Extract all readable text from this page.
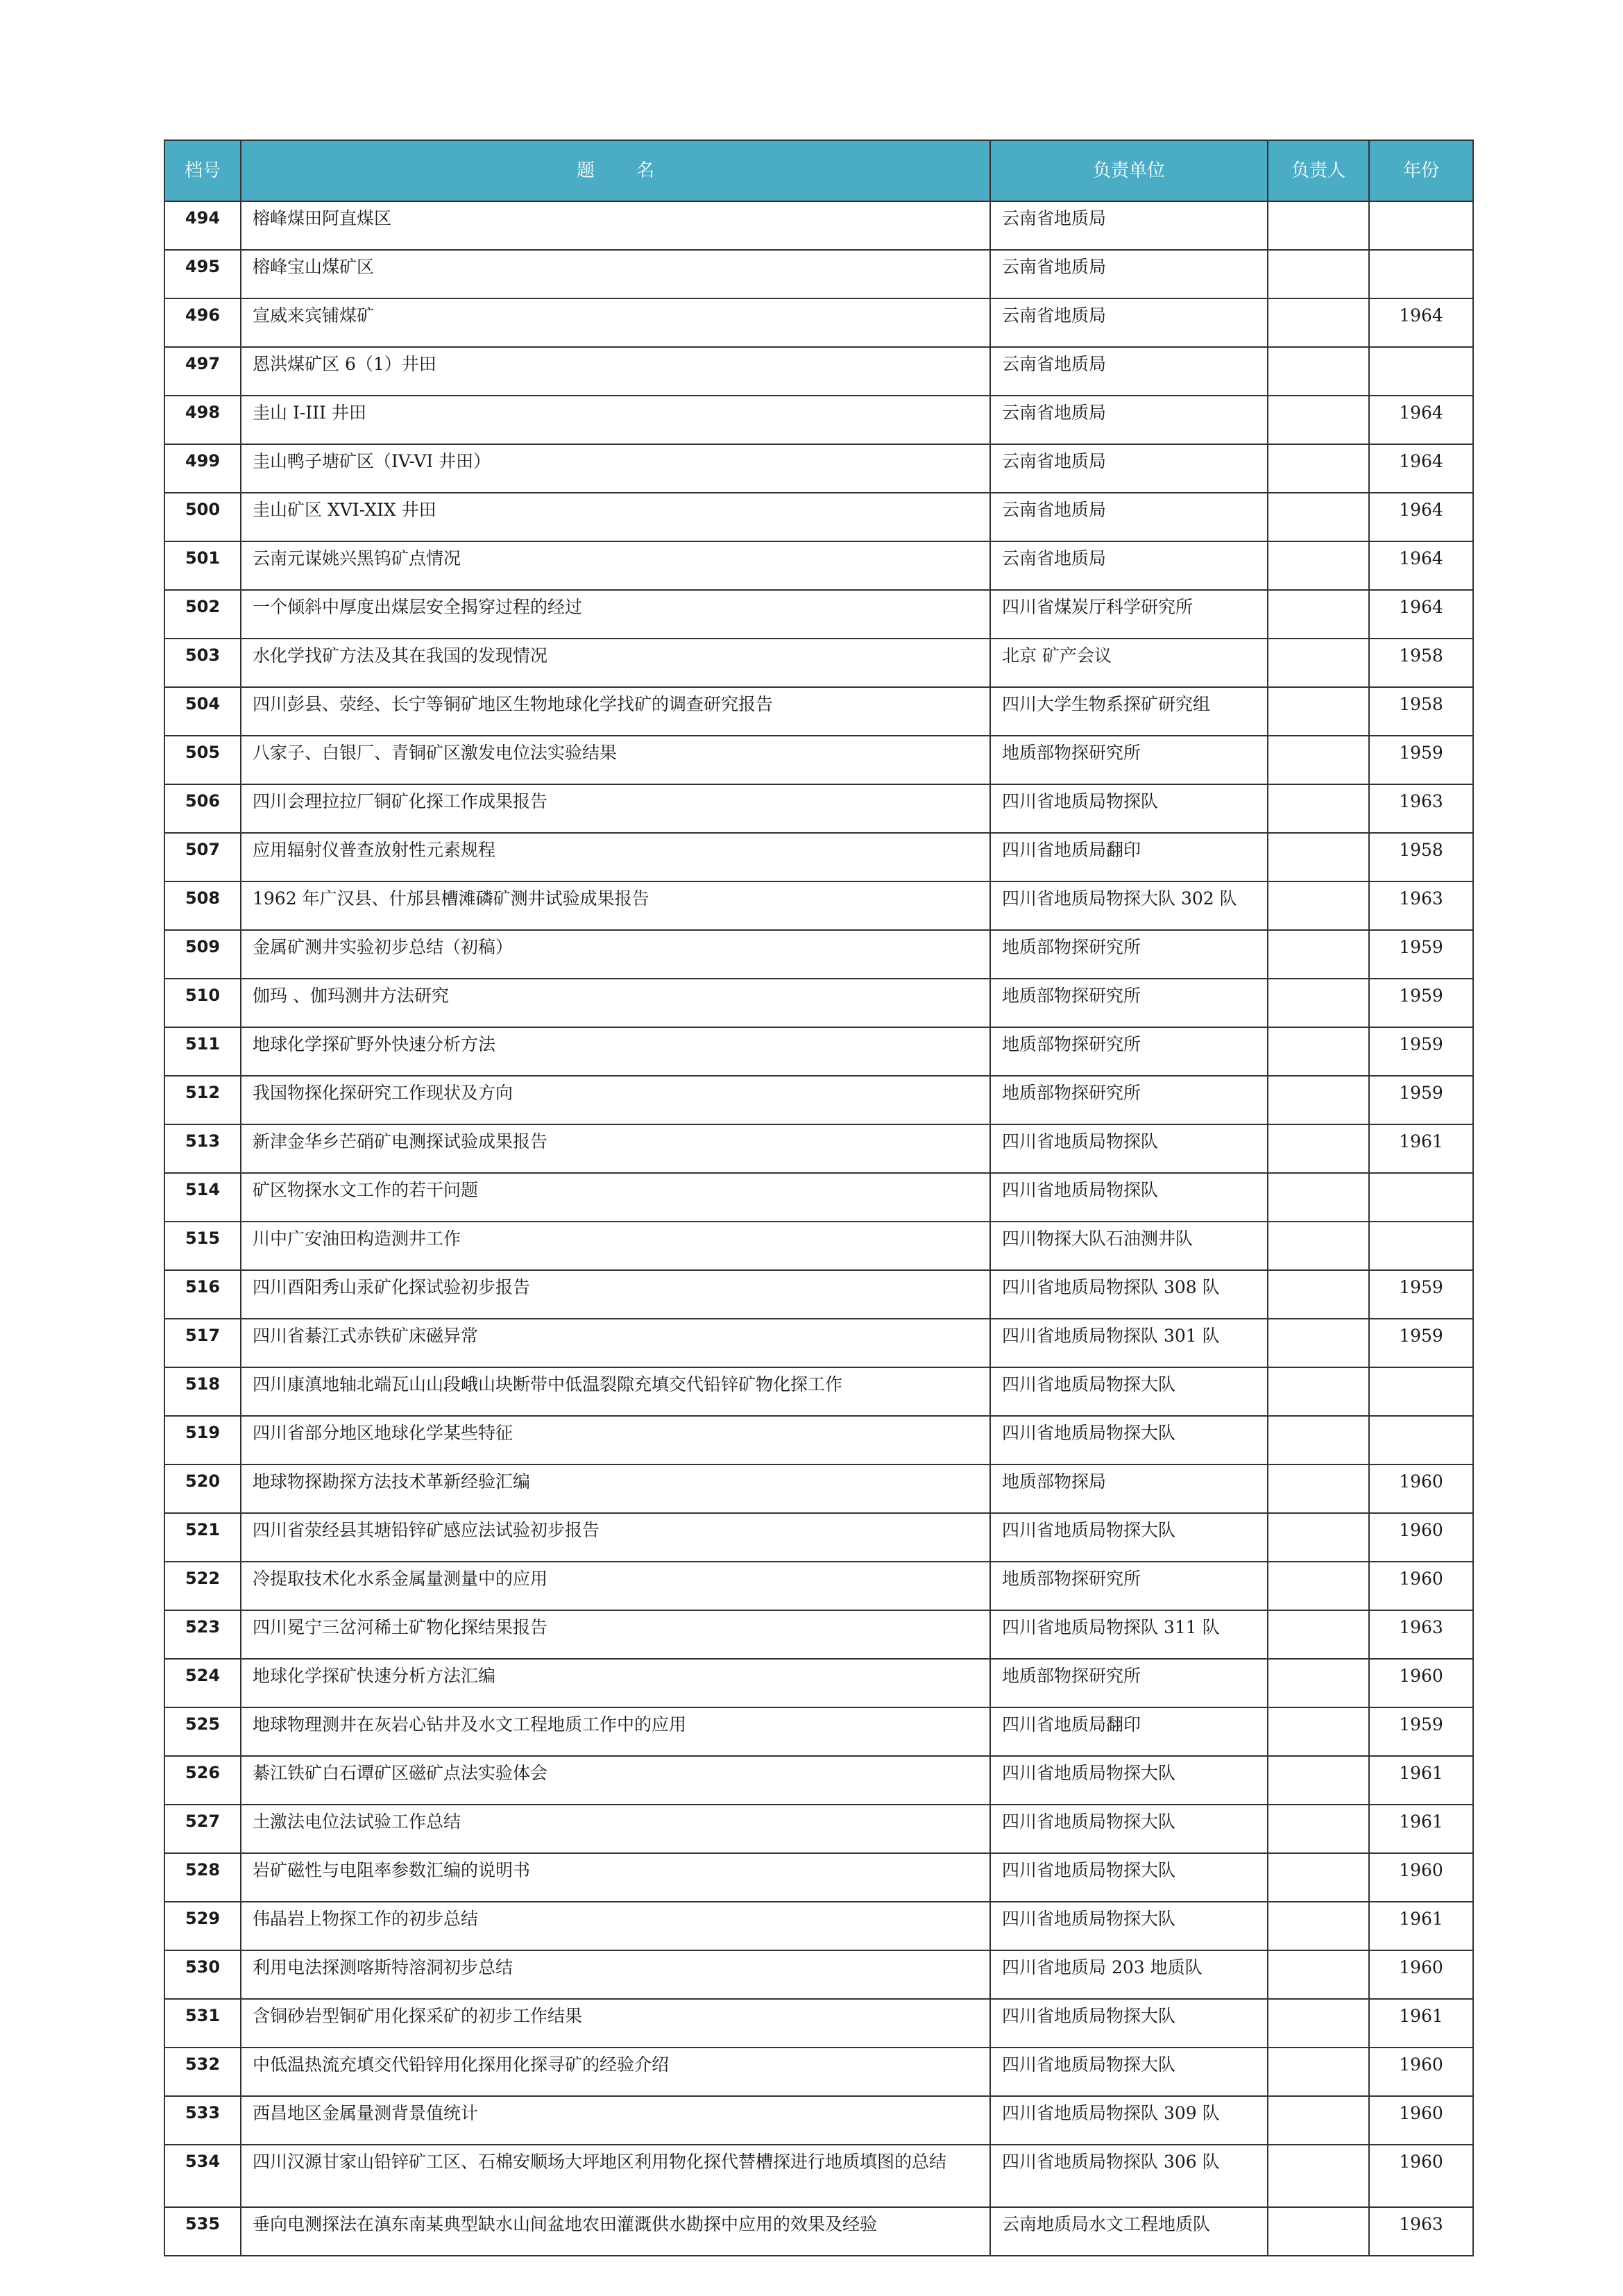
档号	题 名	负责单位	负责人	年份
494	榕峰煤田阿直煤区	云南省地质局		
495	榕峰宝山煤矿区	云南省地质局		
496	宣威来宾铺煤矿	云南省地质局		1964
497	恩洪煤矿区 6（1）井田	云南省地质局		
498	圭山 I-III 井田	云南省地质局		1964
499	圭山鸭子塘矿区（IV-VI 井田）	云南省地质局		1964
500	圭山矿区 XVI-XIX 井田	云南省地质局		1964
501	云南元谋姚兴黑钨矿点情况	云南省地质局		1964
502	一个倾斜中厚度出煤层安全揭穿过程的经过	四川省煤炭厅科学研究所		1964
503	水化学找矿方法及其在我国的发现情况	北京 矿产会议		1958
504	四川彭县、荥经、长宁等铜矿地区生物地球化学找矿的调查研究报告	四川大学生物系探矿研究组		1958
505	八家子、白银厂、青铜矿区激发电位法实验结果	地质部物探研究所		1959
506	四川会理拉拉厂铜矿化探工作成果报告	四川省地质局物探队		1963
507	应用辐射仪普查放射性元素规程	四川省地质局翻印		1958
508	1962 年广汉县、什邡县槽滩磷矿测井试验成果报告	四川省地质局物探大队 302 队		1963
509	金属矿测井实验初步总结（初稿）	地质部物探研究所		1959
510	伽玛 、伽玛测井方法研究	地质部物探研究所		1959
511	地球化学探矿野外快速分析方法	地质部物探研究所		1959
512	我国物探化探研究工作现状及方向	地质部物探研究所		1959
513	新津金华乡芒硝矿电测探试验成果报告	四川省地质局物探队		1961
514	矿区物探水文工作的若干问题	四川省地质局物探队		
515	川中广安油田构造测井工作	四川物探大队石油测井队		
516	四川酉阳秀山汞矿化探试验初步报告	四川省地质局物探队 308 队		1959
517	四川省綦江式赤铁矿床磁异常	四川省地质局物探队 301 队		1959
518	四川康滇地轴北端瓦山山段峨山块断带中低温裂隙充填交代铅锌矿物化探工作	四川省地质局物探大队		
519	四川省部分地区地球化学某些特征	四川省地质局物探大队		
520	地球物探勘探方法技术革新经验汇编	地质部物探局		1960
521	四川省荥经县其塘铅锌矿感应法试验初步报告	四川省地质局物探大队		1960
522	冷提取技术化水系金属量测量中的应用	地质部物探研究所		1960
523	四川冕宁三岔河稀土矿物化探结果报告	四川省地质局物探队 311 队		1963
524	地球化学探矿快速分析方法汇编	地质部物探研究所		1960
525	地球物理测井在灰岩心钻井及水文工程地质工作中的应用	四川省地质局翻印		1959
526	綦江铁矿白石谭矿区磁矿点法实验体会	四川省地质局物探大队		1961
527	土激法电位法试验工作总结	四川省地质局物探大队		1961
528	岩矿磁性与电阻率参数汇编的说明书	四川省地质局物探大队		1960
529	伟晶岩上物探工作的初步总结	四川省地质局物探大队		1961
530	利用电法探测喀斯特溶洞初步总结	四川省地质局 203 地质队		1960
531	含铜砂岩型铜矿用化探采矿的初步工作结果	四川省地质局物探大队		1961
532	中低温热流充填交代铅锌用化探用化探寻矿的经验介绍	四川省地质局物探大队		1960
533	西昌地区金属量测背景值统计	四川省地质局物探队 309 队		1960
534	四川汉源甘家山铅锌矿工区、石棉安顺场大坪地区利用物化探代替槽探进行地质填图的总结	四川省地质局物探队 306 队		1960
535	垂向电测探法在滇东南某典型缺水山间盆地农田灌溉供水勘探中应用的效果及经验	云南地质局水文工程地质队		1963
